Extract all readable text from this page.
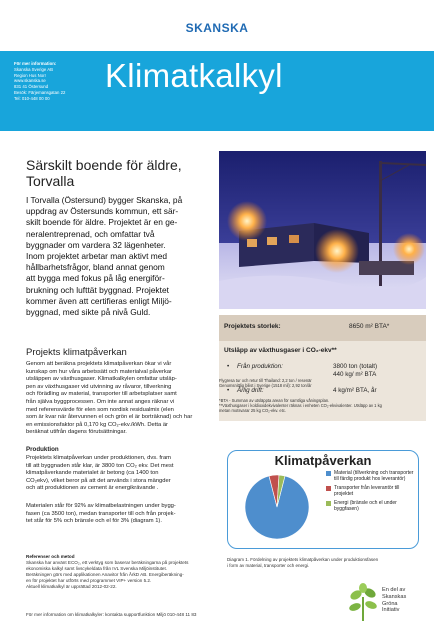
SKANSKA
För mer information:
Skanska Sverige AB
Region Hus Norr
www.skanska.se
831 41 Östersund
Besök: Färjemansgatan 22
Tel: 010-448 00 00
Klimatkalkyl
Särskilt boende för äldre,
Torvalla
I Torvalla (Östersund) bygger Skanska, på
uppdrag av Östersunds kommun, ett sär-
skilt boende för äldre. Projektet är en ge-
neralentreprenad, och omfattar två
byggnader om vardera 32 lägenheter.
Inom projektet arbetar man aktivt med
hållbarhetsfrågor, bland annat genom
att bygga med fokus på låg energiför-
brukning och lufttät byggnad. Projektet
kommer även att certifieras enligt Miljö-
byggnad, med sikte på nivå Guld.
Projektets storlek:	8650 m² BTA*
Utsläpp av växthusgaser i CO₂-ekv**
• Från produktion:	3800 ton (totalt)
440 kg/ m² BTA
• Årlig drift:	4 kg/m² BTA, år
Flygresa tur och retur till Thailand: 2,2 ton / resenär
Genomsnittlig bilist i Sverige (1518 mil): 2,92 ton/år
*BTA - Summan av utsläppta arean för samtliga våningsplan.
**Växthusgaser i koldioxidekvivalenter räknas i enheten CO₂-ekvivalenter. Utsläpp av 1 kg
metan motsvarar 25 kg CO₂-ekv. etc.
Projekts klimatpåverkan
Genom att beräkna projektets klimatpåverkan ökar vi vår
kunskap om hur våra arbetssätt och materialval påverkar
utsläppen av växthusgaser. Klimatkalkylen omfattar utsläp-
pen av växthusgaser vid utvinning av råvaror, tillverkning
och förädling av material, transporter till arbetsplatser samt
från själva byggprocessen. Om inte annat anges räknar vi
med referensvärde för elen som nordisk residualmix (elen
som är kvar när återvunnen el och grön el är borträknad) och har
en emissionsfaktor på 0,170 kg CO₂-ekv./kWh. Detta är
beräknat utifrån dagens förutsättningar.
Produktion
Projektets klimatpåverkan under produktionen, dvs. fram
till att byggnaden står klar, är 3800 ton CO₂ ekv. Det mest
klimatpåverkande materialet är betong (ca 1400 ton
CO₂ekv), vilket beror på att det används i stora mängder
och att produktionen av cement är energikrävande .
Materialen står för 92% av klimatbelastningen under bygg-
fasen (ca 3500 ton), medan transporter till och från projek-
tet står för 5% och bränsle och el för 3% (diagram 1).
Klimatpåverkan
Material (tillverkning och transporter till färdig produkt hos leverantör)
Transporter från leverantör till projektet
Energi (bränsle och el under byggfasen)
Diagram 1. Fördelning av projektets klimatpåverkan under produktionsfasen
i form av material, transporter och energi.
Referenser och metod
Skanska har använt ECO₂, ett verktyg som baserar beräkningarna på projektets
ekonomiska kalkyl samt livscykeldata från IVL Svenska Miljöinstitutet.
Beräkningen görs med applikationen Anavitor från ÅrkD AB. Energiberäkning-
en för projektet har utförts med programmet VIP+ version 5.2.
Aktuell klimatkalkyl är upprättad 2012-02-22.
För mer information om klimatkalkyler: kontakta supportfunktion Miljö 010-448 11 83
En del av
Skanskas
Gröna
Initiativ
